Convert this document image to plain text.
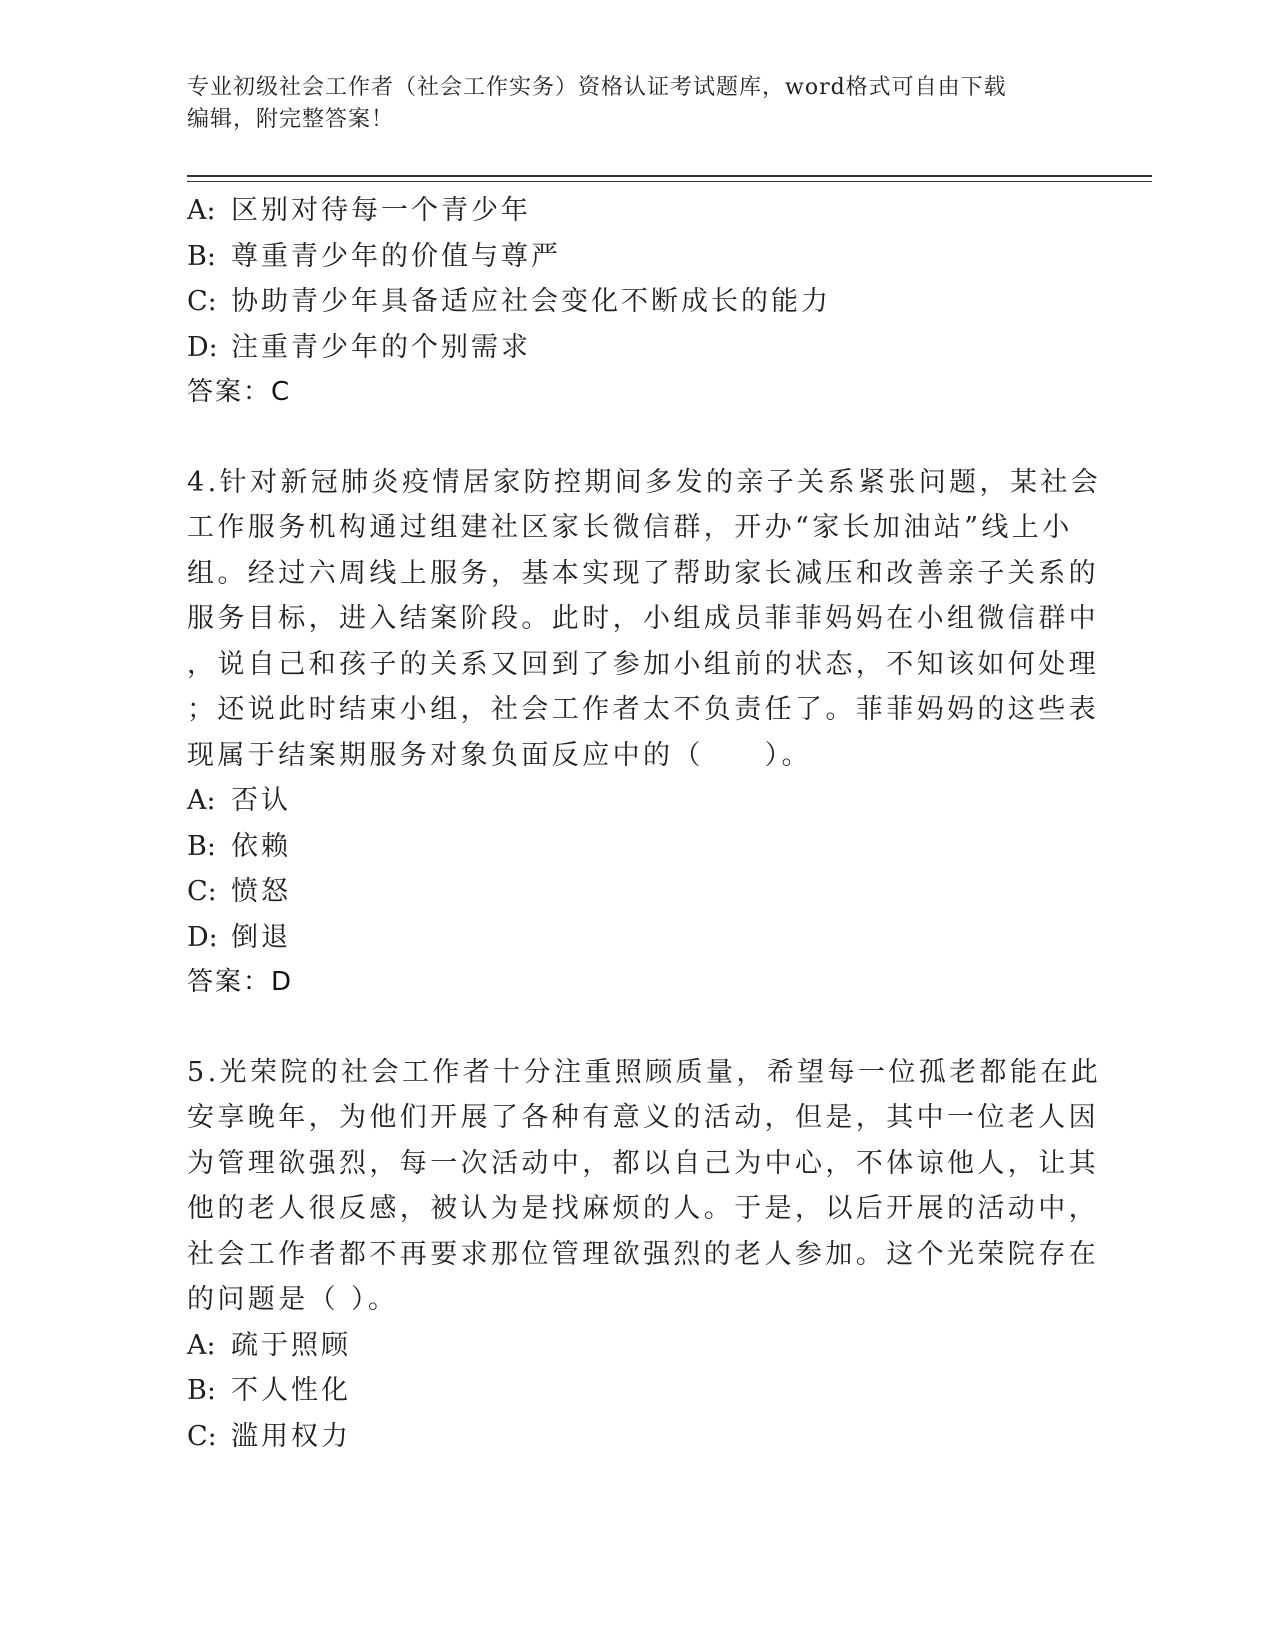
专业初级社会工作者（社会工作实务）资格认证考试题库，word格式可自由下载
编辑，附完整答案！
A: 区别对待每一个青少年
B: 尊重青少年的价值与尊严
C: 协助青少年具备适应社会变化不断成长的能力
D: 注重青少年的个别需求
答案：C
4.针对新冠肺炎疫情居家防控期间多发的亲子关系紧张问题，某社会
工作服务机构通过组建社区家长微信群，开办“家长加油站”线上小
组。经过六周线上服务，基本实现了帮助家长减压和改善亲子关系的
服务目标，进入结案阶段。此时，小组成员菲菲妈妈在小组微信群中
，说自己和孩子的关系又回到了参加小组前的状态，不知该如何处理
；还说此时结束小组，社会工作者太不负责任了。菲菲妈妈的这些表
现属于结案期服务对象负面反应中的（　　）。
A: 否认
B: 依赖
C: 愤怒
D: 倒退
答案：D
5.光荣院的社会工作者十分注重照顾质量，希望每一位孤老都能在此
安享晚年，为他们开展了各种有意义的活动，但是，其中一位老人因
为管理欲强烈，每一次活动中，都以自己为中心，不体谅他人，让其
他的老人很反感，被认为是找麻烦的人。于是，以后开展的活动中，
社会工作者都不再要求那位管理欲强烈的老人参加。这个光荣院存在
的问题是（ ）。
A: 疏于照顾
B: 不人性化
C: 滥用权力
